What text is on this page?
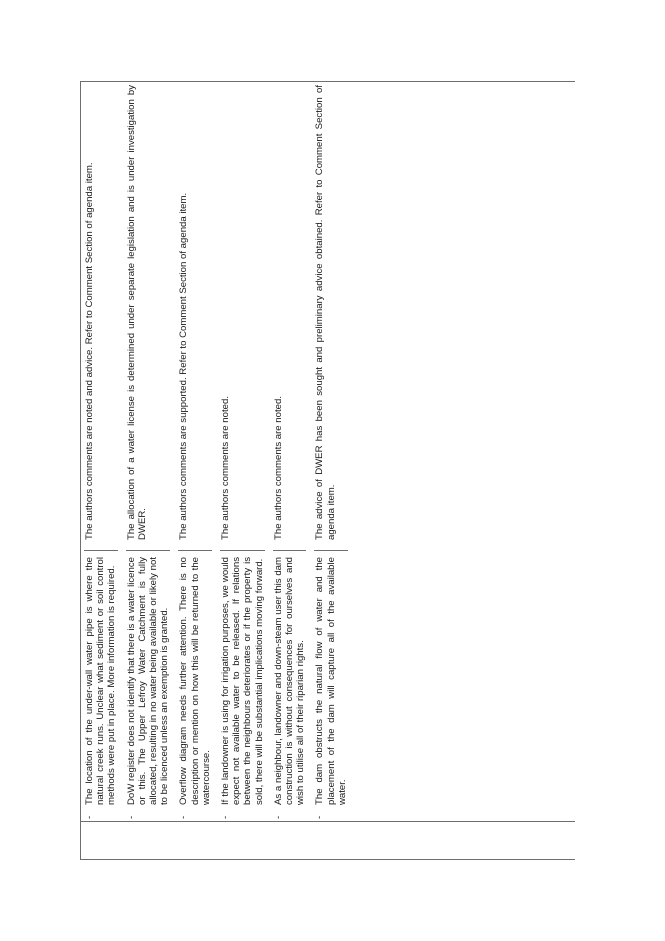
-
The location of the under-wall water pipe is where the natural creek runs. Unclear what sediment or soil control methods were put in place. More information is required.
The authors comments are noted and advice. Refer to Comment Section of agenda item.
-
DoW register does not identify that there is a water licence or this. The Upper Lefroy Water Catchment is fully allocated, resulting in no water being available or likely not to be licenced unless an exemption is granted.
The allocation of a water license is determined under separate legislation and is under investigation by DWER.
-
Overflow diagram needs further attention. There is no description or mention on how this will be returned to the watercourse.
The authors comments are supported. Refer to Comment Section of agenda item.
-
If the landowner is using for irrigation purposes, we would expect not available water to be released. If relations between the neighbours deteriorates or if the property is sold, there will be substantial implications moving forward.
The authors comments are noted.
-
As a neighbour, landowner and down-steam user this dam construction is without consequences for ourselves and wish to utilise all of their riparian rights.
The authors comments are noted.
-
The dam obstructs the natural flow of water and the placement of the dam will capture all of the available water.
The advice of DWER has been sought and preliminary advice obtained. Refer to Comment Section of agenda item.
